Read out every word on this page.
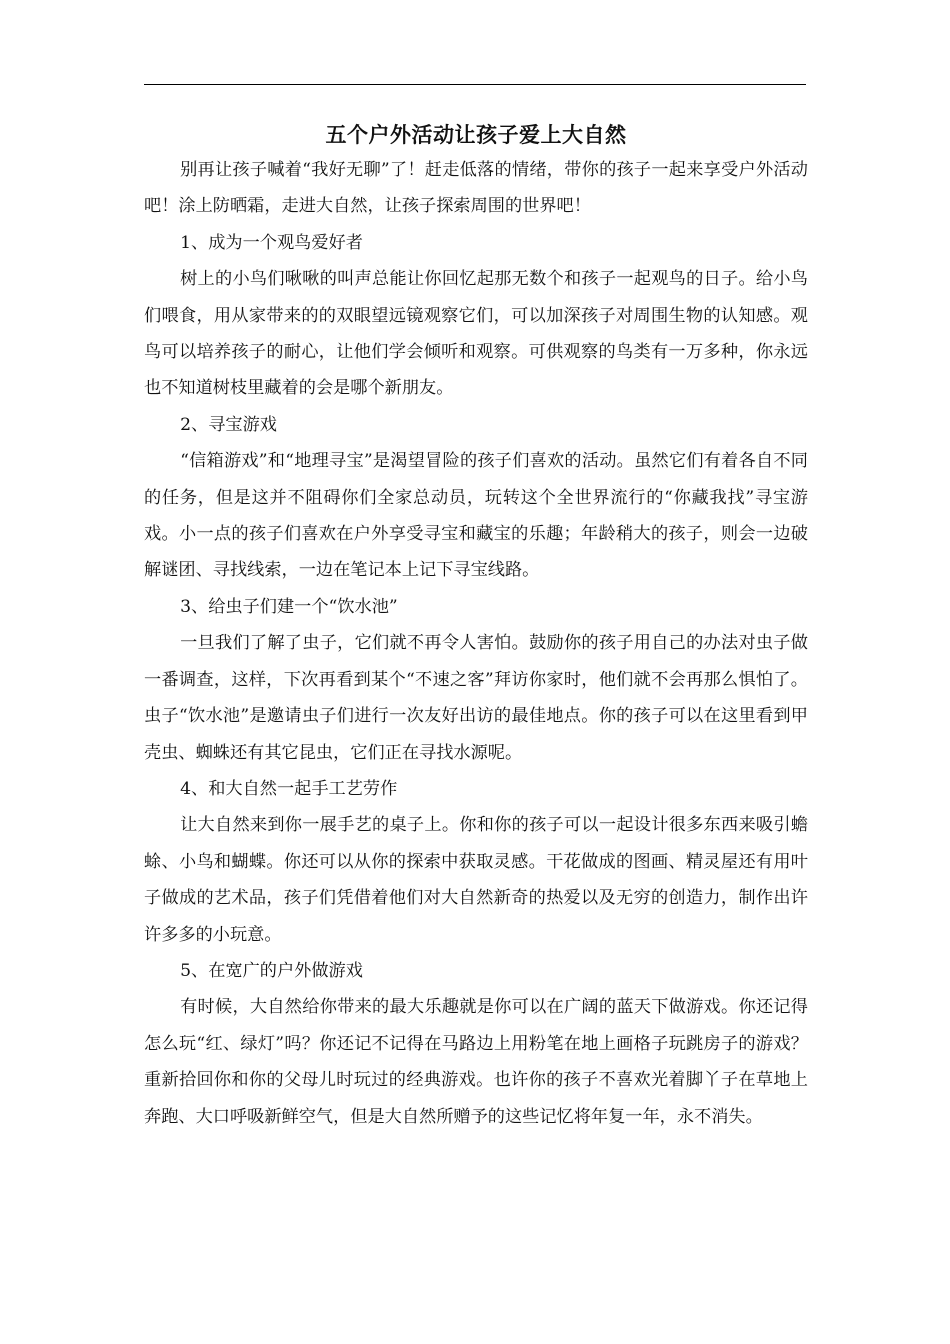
五个户外活动让孩子爱上大自然

别再让孩子喊着“我好无聊”了！赶走低落的情绪，带你的孩子一起来享受户外活动吧！涂上防晒霜，走进大自然，让孩子探索周围的世界吧！

1、成为一个观鸟爱好者

树上的小鸟们啾啾的叫声总能让你回忆起那无数个和孩子一起观鸟的日子。给小鸟们喂食，用从家带来的的双眼望远镜观察它们，可以加深孩子对周围生物的认知感。观鸟可以培养孩子的耐心，让他们学会倾听和观察。可供观察的鸟类有一万多种，你永远也不知道树枝里藏着的会是哪个新朋友。

2、寻宝游戏

“信箱游戏”和“地理寻宝”是渴望冒险的孩子们喜欢的活动。虽然它们有着各自不同的任务，但是这并不阻碍你们全家总动员，玩转这个全世界流行的“你藏我找”寻宝游戏。小一点的孩子们喜欢在户外享受寻宝和藏宝的乐趣；年龄稍大的孩子，则会一边破解谜团、寻找线索，一边在笔记本上记下寻宝线路。

3、给虫子们建一个“饮水池”

一旦我们了解了虫子，它们就不再令人害怕。鼓励你的孩子用自己的办法对虫子做一番调查，这样，下次再看到某个“不速之客”拜访你家时，他们就不会再那么惧怕了。虫子“饮水池”是邀请虫子们进行一次友好出访的最佳地点。你的孩子可以在这里看到甲壳虫、蜘蛛还有其它昆虫，它们正在寻找水源呢。

4、和大自然一起手工艺劳作

让大自然来到你一展手艺的桌子上。你和你的孩子可以一起设计很多东西来吸引蟾蜍、小鸟和蝴蝶。你还可以从你的探索中获取灵感。干花做成的图画、精灵屋还有用叶子做成的艺术品，孩子们凭借着他们对大自然新奇的热爱以及无穷的创造力，制作出许许多多的小玩意。

5、在宽广的户外做游戏

有时候，大自然给你带来的最大乐趣就是你可以在广阔的蓝天下做游戏。你还记得怎么玩“红、绿灯”吗？你还记不记得在马路边上用粉笔在地上画格子玩跳房子的游戏？重新拾回你和你的父母儿时玩过的经典游戏。也许你的孩子不喜欢光着脚丫子在草地上奔跑、大口呼吸新鲜空气，但是大自然所赠予的这些记忆将年复一年，永不消失。
